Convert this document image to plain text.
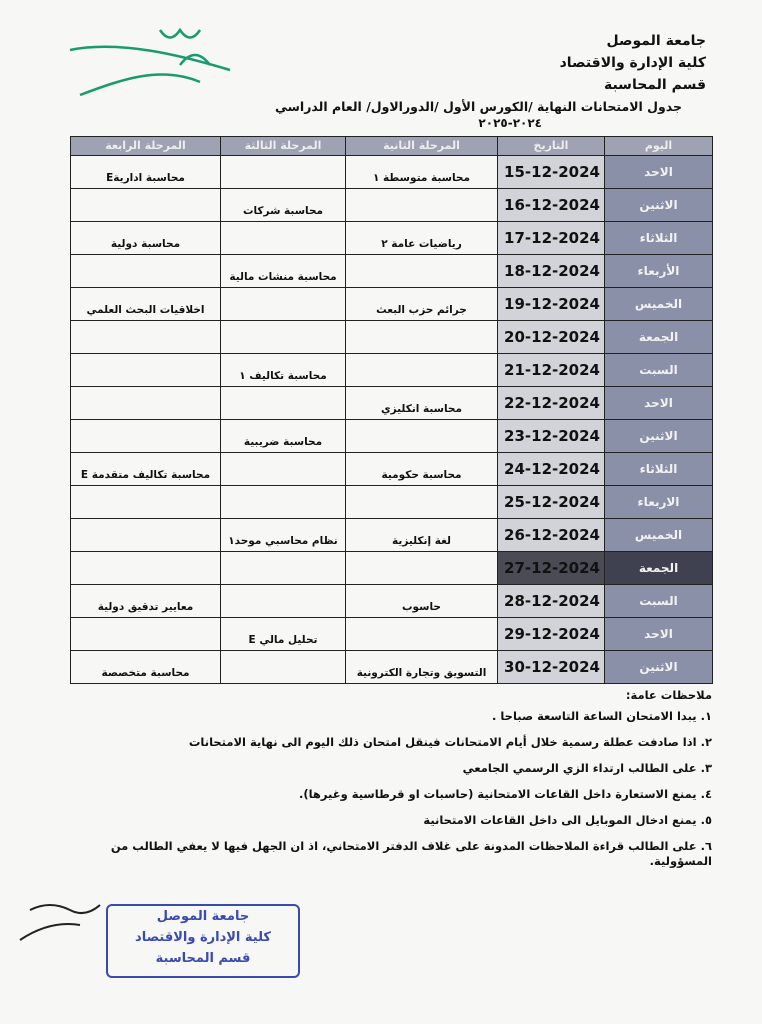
جامعة الموصل
كلية الإدارة والاقتصاد
قسم المحاسبة
جدول الامتحانات النهاية /الكورس الأول /الدورالاول/ العام الدراسي
٢٠٢٤-٢٠٢٥
اليوم	التاريخ	المرحلة الثانية	المرحلة الثالثة	المرحلة الرابعة
الاحد	15-12-2024	محاسبة متوسطة ١		محاسبة اداريةE
الاثنين	16-12-2024		محاسبة شركات	
الثلاثاء	17-12-2024	رياضيات عامة ٢		محاسبة دولية
الأربعاء	18-12-2024		محاسبة منشات مالية	
الخميس	19-12-2024	جرائم حزب البعث		اخلاقيات البحث العلمي
الجمعة	20-12-2024			
السبت	21-12-2024		محاسبة تكاليف ١	
الاحد	22-12-2024	محاسبة انكليزي		
الاثنين	23-12-2024		محاسبة ضريبية	
الثلاثاء	24-12-2024	محاسبة حكومية		محاسبة تكاليف متقدمة E
الاربعاء	25-12-2024			
الخميس	26-12-2024	لغة إنكليزية	نظام محاسبي موحد١	
الجمعة	27-12-2024			
السبت	28-12-2024	حاسوب		معايير تدقيق دولية
الاحد	29-12-2024		تحليل مالي E	
الاثنين	30-12-2024	التسويق وتجارة الكترونية		محاسبة متخصصة
ملاحظات عامة:
١. يبدا الامتحان الساعة التاسعة صباحا .
٢. اذا صادفت عطلة رسمية خلال أيام الامتحانات فينقل امتحان ذلك اليوم الى نهاية الامتحانات
٣. على الطالب ارتداء الزي الرسمي الجامعي
٤. يمنع الاستعارة داخل القاعات الامتحانية (حاسبات او قرطاسية وغيرها).
٥. يمنع ادخال الموبايل الى داخل القاعات الامتحانية
٦. على الطالب قراءة الملاحظات المدونة على غلاف الدفتر الامتحاني، اذ ان الجهل فيها لا يعفي الطالب من المسؤولية.
جامعة الموصل
كلية الإدارة والاقتصاد
قسم المحاسبة
